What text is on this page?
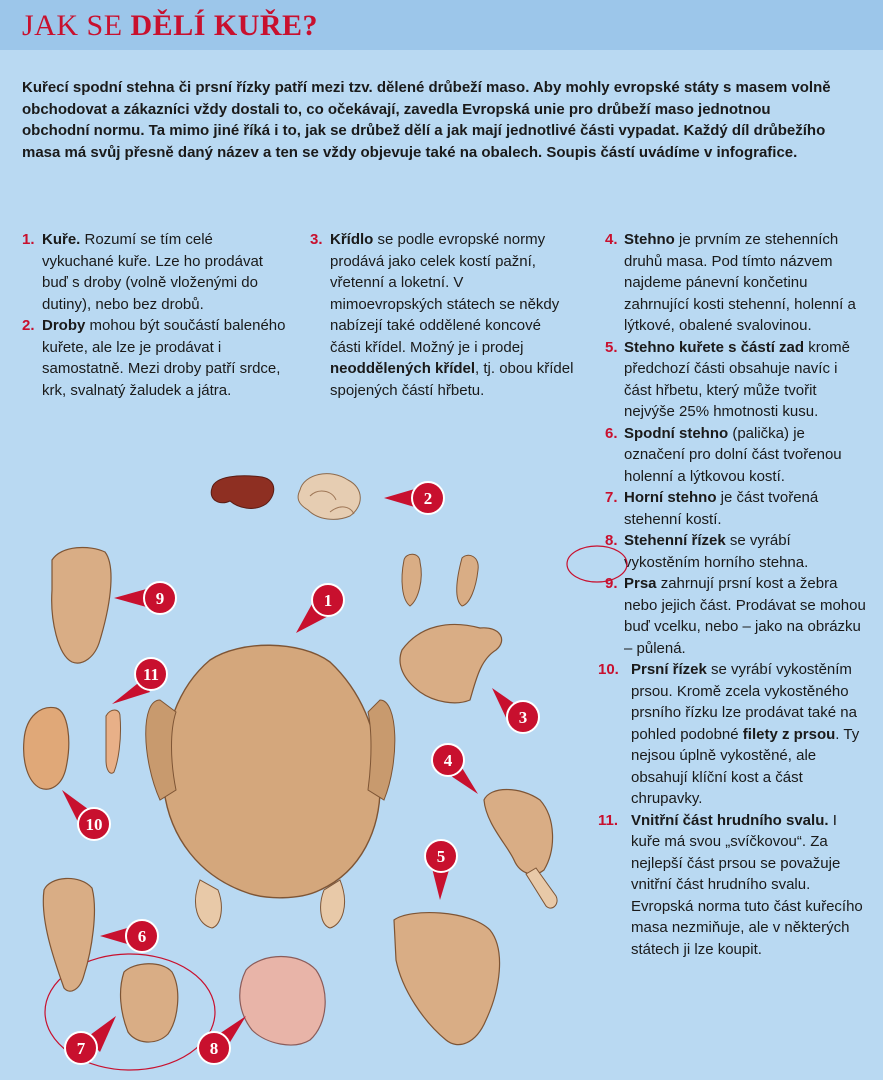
JAK SE DĚLÍ KUŘE?

Kuřecí spodní stehna či prsní řízky patří mezi tzv. dělené drůbeží maso. Aby mohly evropské státy s masem volně obchodovat a zákazníci vždy dostali to, co očekávají, zavedla Evropská unie pro drůbeží maso jednotnou obchodní normu. Ta mimo jiné říká i to, jak se drůbež dělí a jak mají jednotlivé části vypadat. Každý díl drůbežího masa má svůj přesně daný název a ten se vždy objevuje také na obalech. Soupis částí uvádíme v infografice.

1. Kuře. Rozumí se tím celé vykuchané kuře. Lze ho prodávat buď s droby (volně vloženými do dutiny), nebo bez drobů.
2. Droby mohou být součástí baleného kuřete, ale lze je prodávat i samostatně. Mezi droby patří srdce, krk, svalnatý žaludek a játra.
3. Křídlo se podle evropské normy prodává jako celek kostí pažní, vřetenní a loketní. V mimoevropských státech se někdy nabízejí také oddělené koncové části křídel. Možný je i prodej neoddělených křídel, tj. obou křídel spojených částí hřbetu.
4. Stehno je prvním ze stehenních druhů masa. Pod tímto názvem najdeme pánevní končetinu zahrnující kosti stehenní, holenní a lýtkové, obalené svalovinou.
5. Stehno kuřete s částí zad kromě předchozí části obsahuje navíc i část hřbetu, který může tvořit nejvýše 25% hmotnosti kusu.
6. Spodní stehno (palička) je označení pro dolní část tvořenou holenní a lýtkovou kostí.
7. Horní stehno je část tvořená stehenní kostí.
8. Stehenní řízek se vyrábí vykostěním horního stehna.
9. Prsa zahrnují prsní kost a žebra nebo jejich část. Prodávat se mohou buď vcelku, nebo – jako na obrázku – půlená.
10. Prsní řízek se vyrábí vykostěním prsou. Kromě zcela vykostěného prsního řízku lze prodávat také na pohled podobné filety z prsou. Ty nejsou úplně vykostěné, ale obsahují klíční kost a část chrupavky.
11. Vnitřní část hrudního svalu. I kuře má svou „svíčkovou“. Za nejlepší část prsou se považuje vnitřní část hrudního svalu. Evropská norma tuto část kuřecího masa nezmiňuje, ale v některých státech ji lze koupit.
1
2
3
4
5
6
7	8
9
10
11
